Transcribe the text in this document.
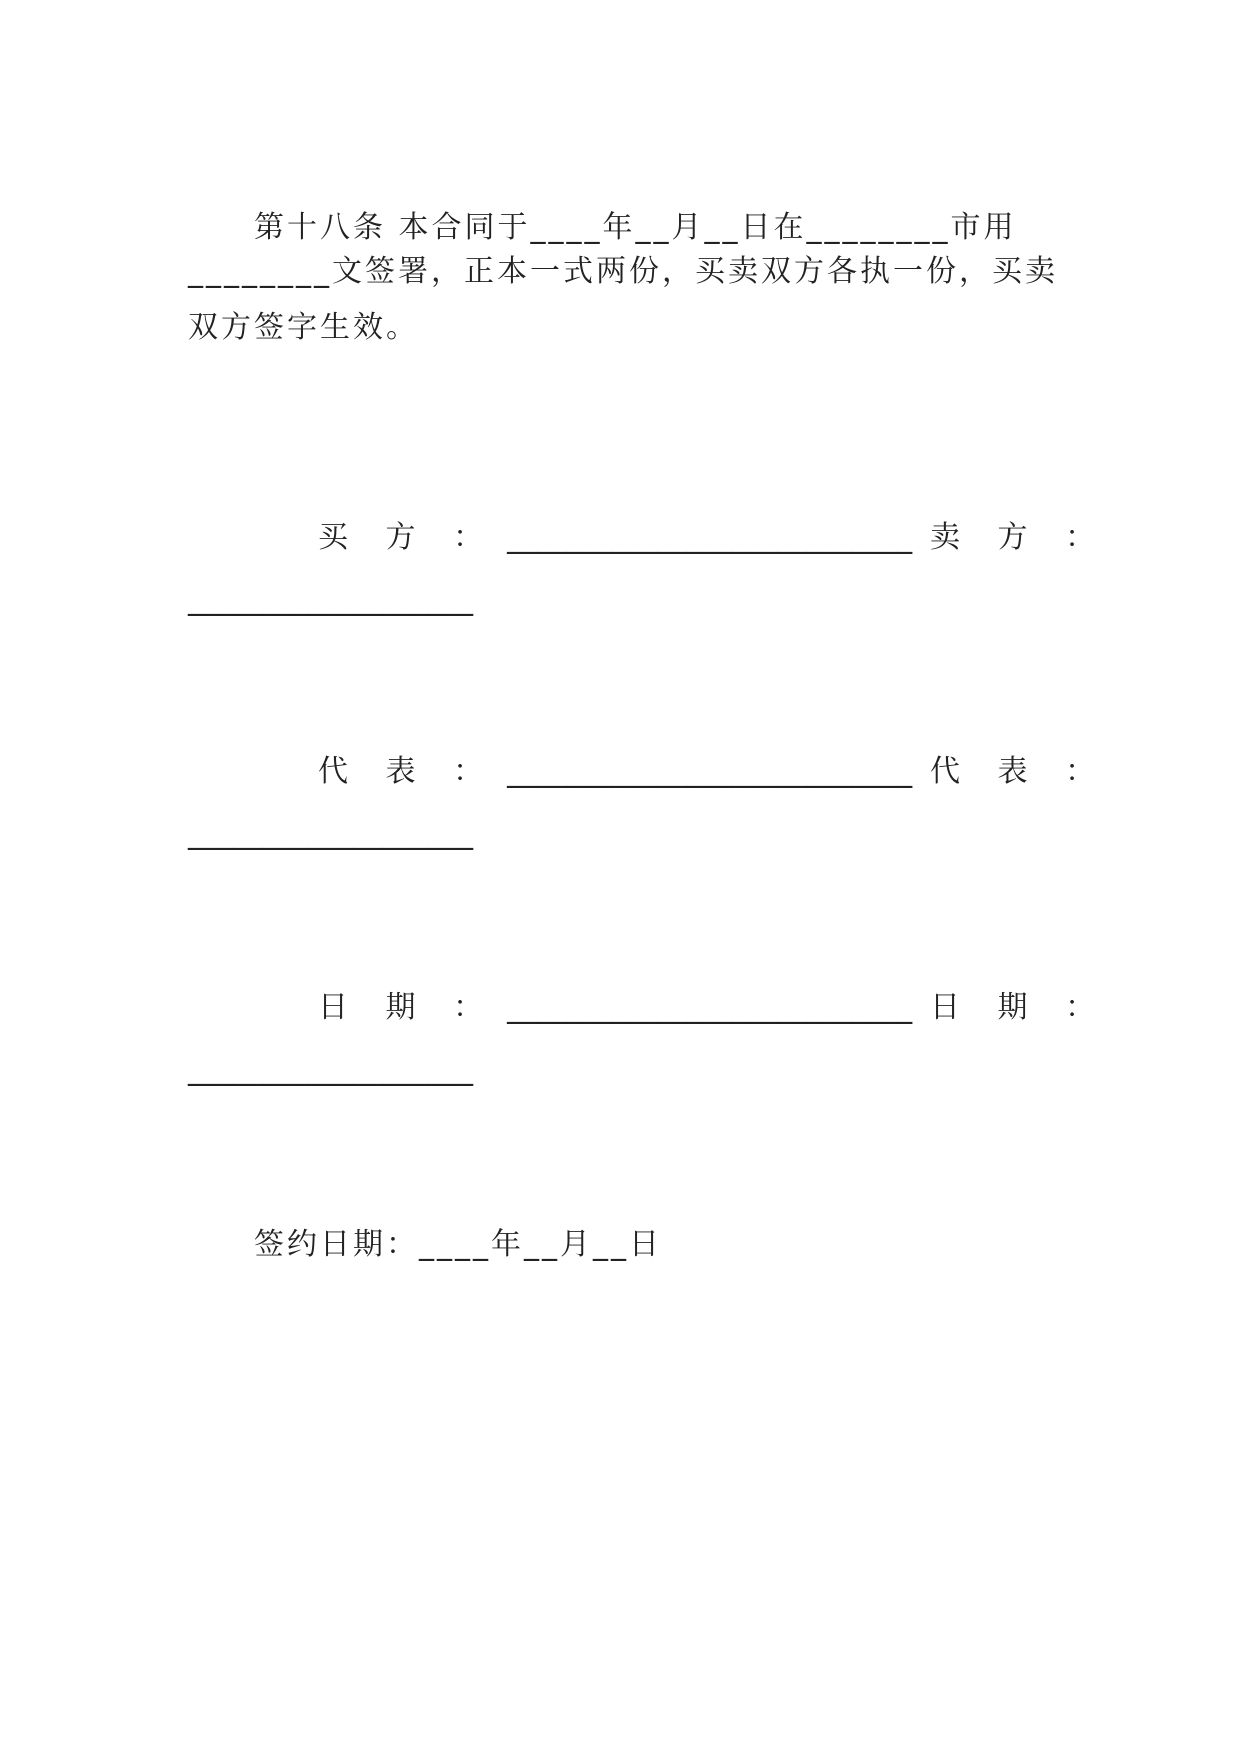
　　第十八条 本合同于____年__月__日在________市用
________文签署，正本一式两份，买卖双方各执一份，买卖
双方签字生效。
买 方 ： ___________________________ 卖 方 ：
___________________
代 表 ： ___________________________ 代 表 ：
___________________
日 期 ： ___________________________ 日 期 ：
___________________
　　签约日期：____年__月__日
